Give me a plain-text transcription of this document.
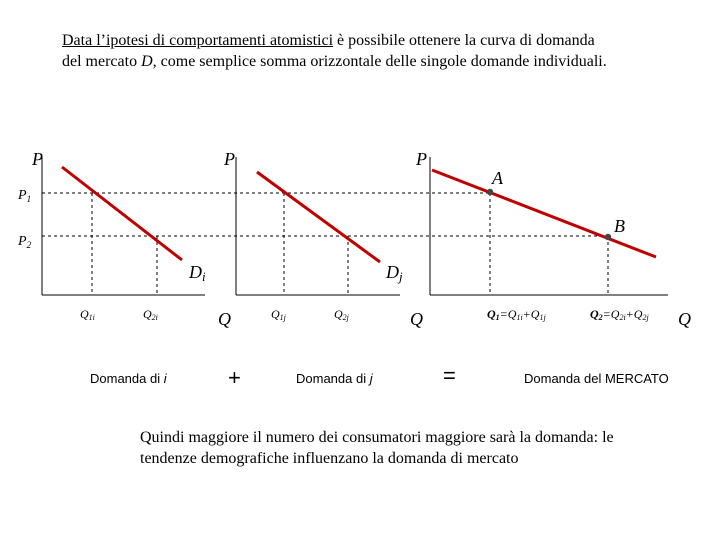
Data l’ipotesi di comportamenti atomistici è possibile ottenere la curva di domanda
del mercato D, come semplice somma orizzontale delle singole domande individuali.
P
Q
Di
Q1i	Q2i
Domanda di i	+
P
Q
Dj
Q1j	Q2j
Domanda di j	=
A
B
P
Q
Q1=Q1i+Q1j	Q2=Q2i+Q2j
Domanda del MERCATO
$P_1$
$P_2$
Quindi maggiore il numero dei consumatori maggiore sarà la domanda: le tendenze demografiche influenzano la domanda di mercato
